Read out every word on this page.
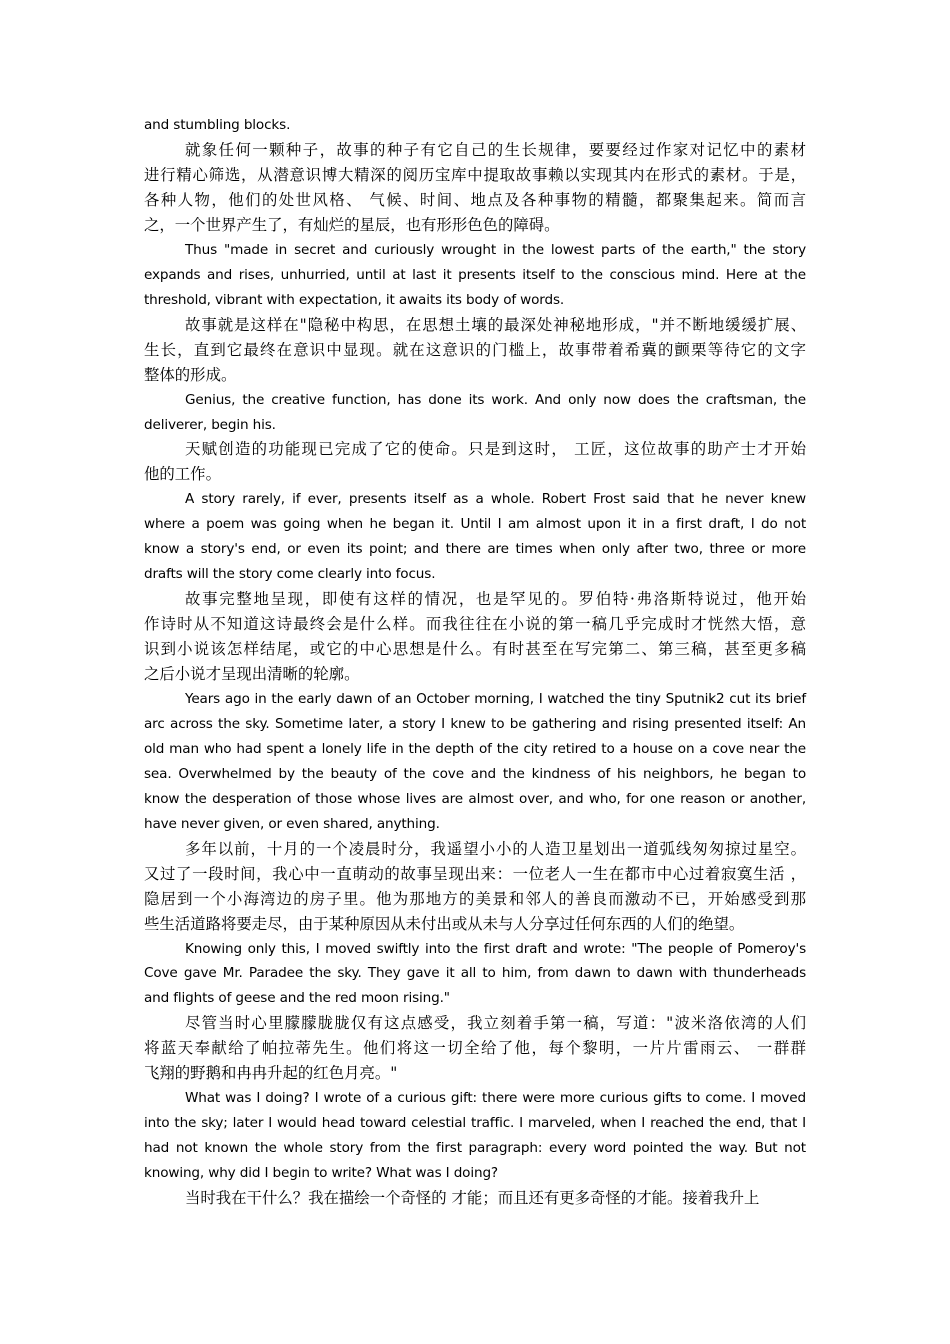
and stumbling blocks.
就象任何一颗种子，故事的种子有它自己的生长规律，要要经过作家对记忆中的素材
进行精心筛选，从潜意识博大精深的阅历宝库中提取故事赖以实现其内在形式的素材。于是，
各种人物，他们的处世风格、 气候、时间、地点及各种事物的精髓，都聚集起来。简而言
之，一个世界产生了，有灿烂的星辰，也有形形色色的障碍。
Thus "made in secret and curiously wrought in the lowest parts of the earth," the story
expands and rises, unhurried, until at last it presents itself to the conscious mind. Here at the
threshold, vibrant with expectation, it awaits its body of words.
故事就是这样在"隐秘中构思，在思想土壤的最深处神秘地形成，"并不断地缓缓扩展、
生长，直到它最终在意识中显现。就在这意识的门槛上，故事带着希冀的颤栗等待它的文字
整体的形成。
Genius, the creative function, has done its work. And only now does the craftsman, the
deliverer, begin his.
天赋创造的功能现已完成了它的使命。只是到这时， 工匠，这位故事的助产士才开始
他的工作。
A story rarely, if ever, presents itself as a whole. Robert Frost said that he never knew
where a poem was going when he began it. Until I am almost upon it in a first draft, I do not
know a story's end, or even its point; and there are times when only after two, three or more
drafts will the story come clearly into focus.
故事完整地呈现，即使有这样的情况，也是罕见的。罗伯特·弗洛斯特说过，他开始
作诗时从不知道这诗最终会是什么样。而我往往在小说的第一稿几乎完成时才恍然大悟，意
识到小说该怎样结尾，或它的中心思想是什么。有时甚至在写完第二、第三稿，甚至更多稿
之后小说才呈现出清晰的轮廓。
Years ago in the early dawn of an October morning, I watched the tiny Sputnik2 cut its brief
arc across the sky. Sometime later, a story I knew to be gathering and rising presented itself: An
old man who had spent a lonely life in the depth of the city retired to a house on a cove near the
sea. Overwhelmed by the beauty of the cove and the kindness of his neighbors, he began to
know the desperation of those whose lives are almost over, and who, for one reason or another,
have never given, or even shared, anything.
多年以前，十月的一个凌晨时分，我遥望小小的人造卫星划出一道弧线匆匆掠过星空。
又过了一段时间，我心中一直萌动的故事呈现出来：一位老人一生在都市中心过着寂寞生活 ，
隐居到一个小海湾边的房子里。他为那地方的美景和邻人的善良而激动不已，开始感受到那
些生活道路将要走尽，由于某种原因从未付出或从未与人分享过任何东西的人们的绝望。
Knowing only this, I moved swiftly into the first draft and wrote: "The people of Pomeroy's
Cove gave Mr. Paradee the sky. They gave it all to him, from dawn to dawn with thunderheads
and flights of geese and the red moon rising."
尽管当时心里朦朦胧胧仅有这点感受，我立刻着手第一稿，写道："波米洛依湾的人们
将蓝天奉献给了帕拉蒂先生。他们将这一切全给了他，每个黎明，一片片雷雨云、 一群群
飞翔的野鹅和冉冉升起的红色月亮。"
What was I doing? I wrote of a curious gift: there were more curious gifts to come. I moved
into the sky; later I would head toward celestial traffic. I marveled, when I reached the end, that I
had not known the whole story from the first paragraph: every word pointed the way. But not
knowing, why did I begin to write? What was I doing?
当时我在干什么？我在描绘一个奇怪的 才能；而且还有更多奇怪的才能。接着我升上
